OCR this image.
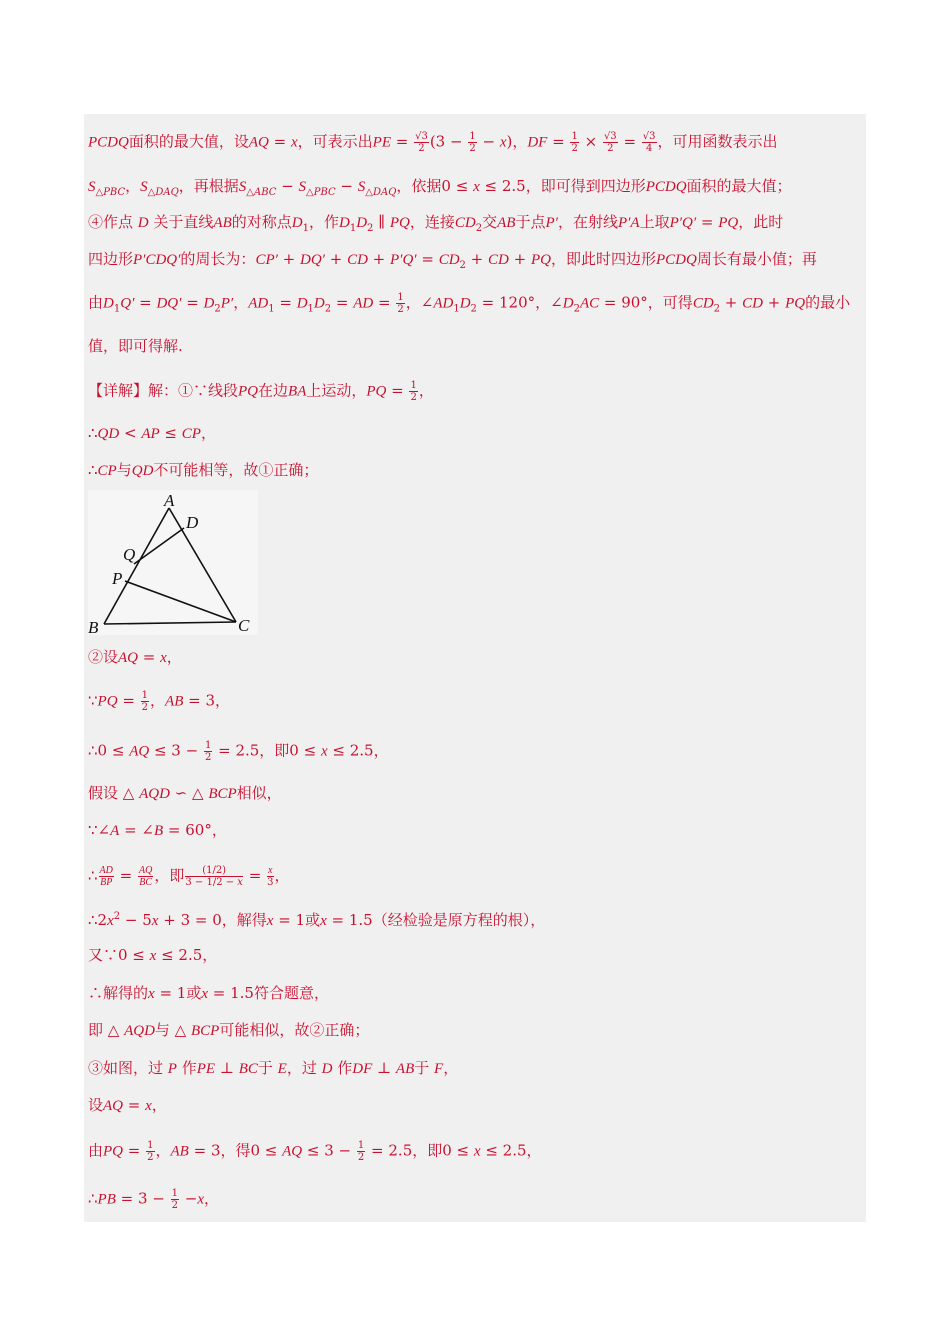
PCDQ面积的最大值，设AQ = x，可表示出PE = $\frac{√3}{2} (3 - \frac{1}{2} - x)$，DF = $\frac{1}{2} \times \frac{√3}{2} = \frac{√3}{4}$ ，可用函数表示出
$S_{\triangle PBC}$，$S_{\triangle DAQ}$，再根据$S_{\triangle ABC} - S_{\triangle PBC} - S_{\triangle DAQ}$，依据0 ≤ x ≤ 2.5，即可得到四边形PCDQ面积的最大值；
④作点 D 关于直线AB的对称点$D_1$，作$D_1D_2$ ∥ PQ，连接$CD_2$交AB于点P′，在射线P′A上取P′Q′ = PQ，此时
四边形P′CDQ′的周长为：CP′ + DQ′ + CD + $P'Q' = CD_2$ + CD + PQ，即此时四边形PCDQ周长有最小值；再
由$D_1Q' = DQ' = D_2P'$，$AD_1 = D_1D_2$ = AD = $\frac{1}{2}$ ，$\angle AD_1D_2 = 120^\circ$，$\angle D_2AC = 90^\circ$，可得$CD_2$ + CD + PQ的最小
值，即可得解.
【详解】解：①∵线段PQ在边BA上运动，PQ = $\frac{1}{2}$ ，
∴QD < AP ≤ CP，
∴CP与QD不可能相等，故①正确；
A
D
Q
P
B	C
②设AQ = x，
∵PQ = $\frac{1}{2}$ ，AB = 3，
∴0 ≤ AQ ≤ $3 - \frac{1}{2} = 2.5$，即0 ≤ x ≤ 2.5，
假设 △ AQD ∽ △ BCP相似，
∵∠A = ∠B = 60°，
∴ $\frac{AD}{BP} = \frac{AQ}{BC}$ ，即 $\frac{(1/2)}{3 - 1/2 - x} = \frac{x}{3}$ ，
$\therefore 2x^2 - 5x + 3 = 0$，解得x = 1或x = 1.5（经检验是原方程的根），
又∵0 ≤ x ≤ 2.5，
∴解得的x = 1或x = 1.5符合题意，
即 △ AQD与 △ BCP可能相似，故②正确；
③如图，过 P 作PE ⊥ BC于 E，过 D 作DF ⊥ AB于 F，
设AQ = x，
由PQ = $\frac{1}{2}$ ，AB = 3，得0 ≤ AQ ≤ $3 - \frac{1}{2} = 2.5$，即0 ≤ x ≤ 2.5，
∴PB = $3 - \frac{1}{2} -x$，
